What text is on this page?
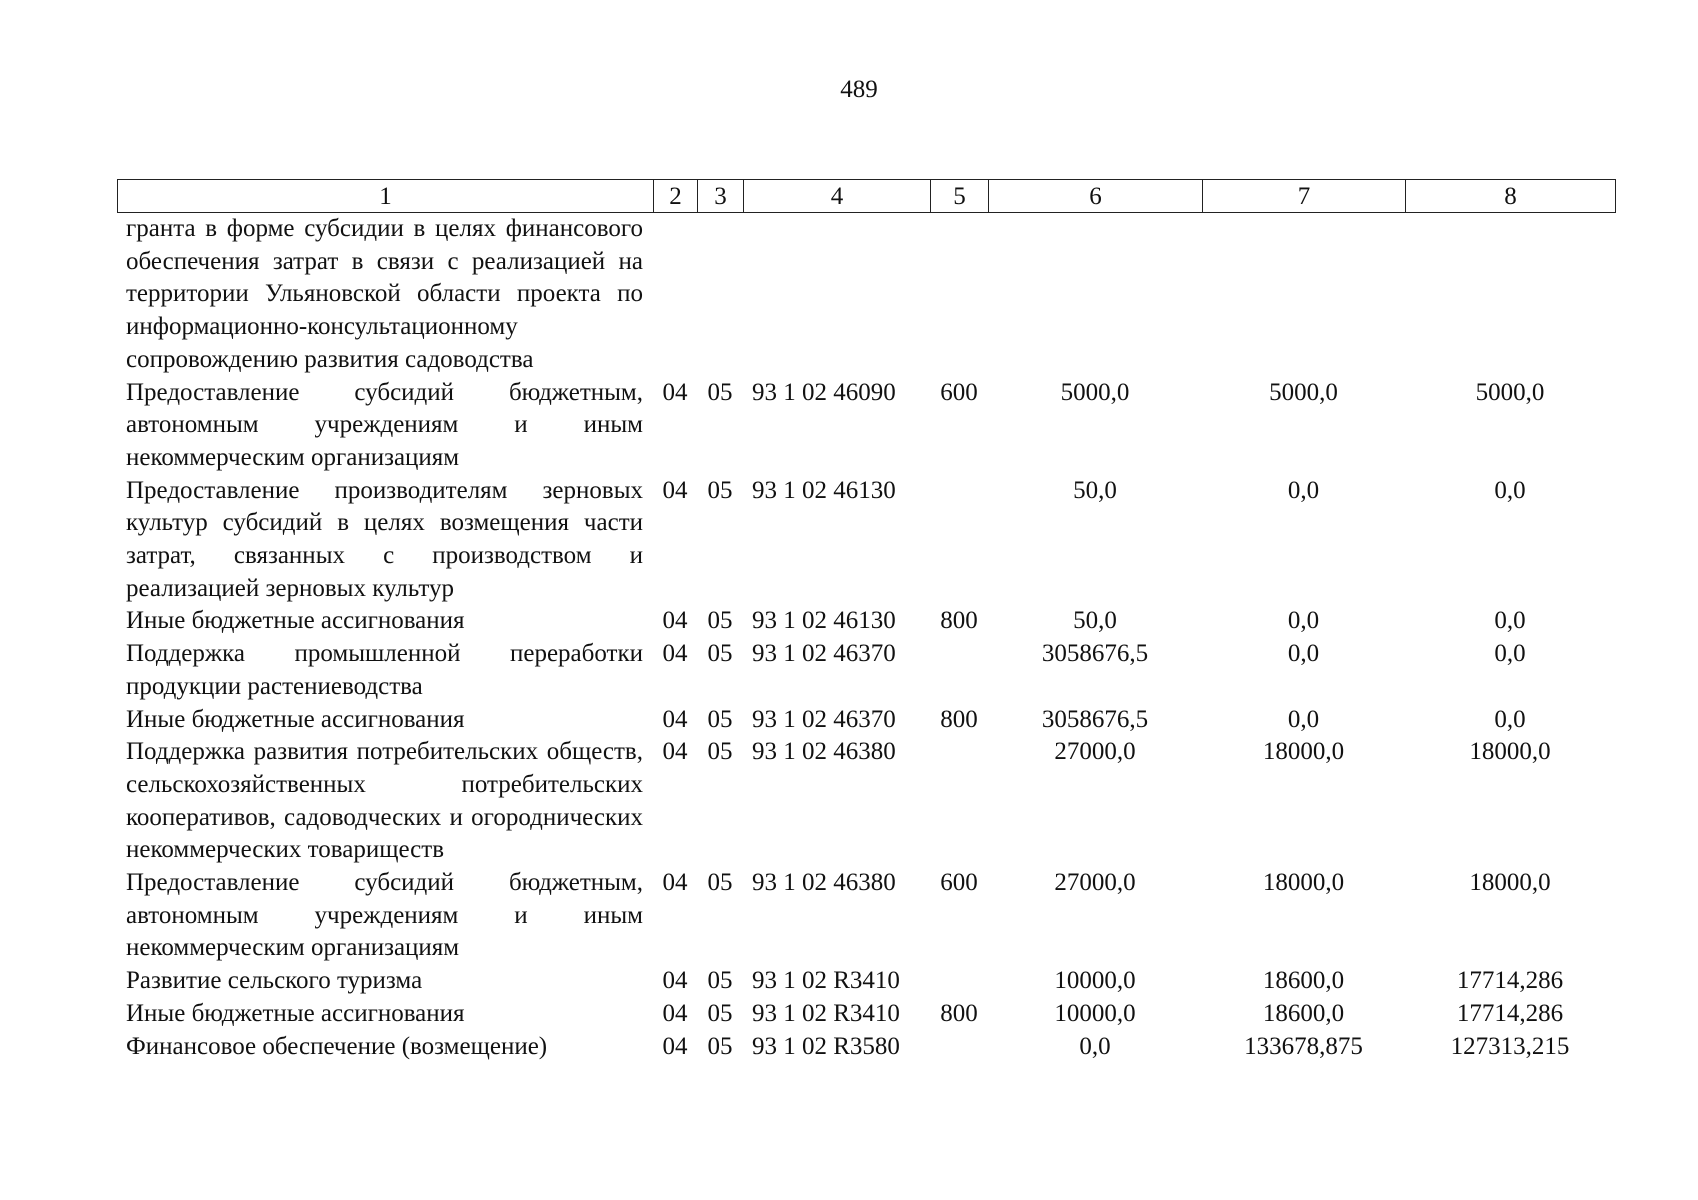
489
1	2	3	4	5	6	7	8
гранта в форме субсидии в целях финансового обеспечения затрат в связи с реализацией на территории Ульяновской области проекта по информационно-консультационному сопровождению развития садоводства							
Предоставление субсидий бюджетным, автономным учреждениям и иным некоммерческим организациям	04	05	93 1 02 46090	600	5000,0	5000,0	5000,0
Предоставление производителям зерновых культур субсидий в целях возмещения части затрат, связанных с производством и реализацией зерновых культур	04	05	93 1 02 46130		50,0	0,0	0,0
Иные бюджетные ассигнования	04	05	93 1 02 46130	800	50,0	0,0	0,0
Поддержка промышленной переработки продукции растениеводства	04	05	93 1 02 46370		3058676,5	0,0	0,0
Иные бюджетные ассигнования	04	05	93 1 02 46370	800	3058676,5	0,0	0,0
Поддержка развития потребительских обществ, сельскохозяйственных потребительских кооперативов, садоводческих и огороднических некоммерческих товариществ	04	05	93 1 02 46380		27000,0	18000,0	18000,0
Предоставление субсидий бюджетным, автономным учреждениям и иным некоммерческим организациям	04	05	93 1 02 46380	600	27000,0	18000,0	18000,0
Развитие сельского туризма	04	05	93 1 02 R3410		10000,0	18600,0	17714,286
Иные бюджетные ассигнования	04	05	93 1 02 R3410	800	10000,0	18600,0	17714,286
Финансовое обеспечение (возмещение)	04	05	93 1 02 R3580		0,0	133678,875	127313,215
